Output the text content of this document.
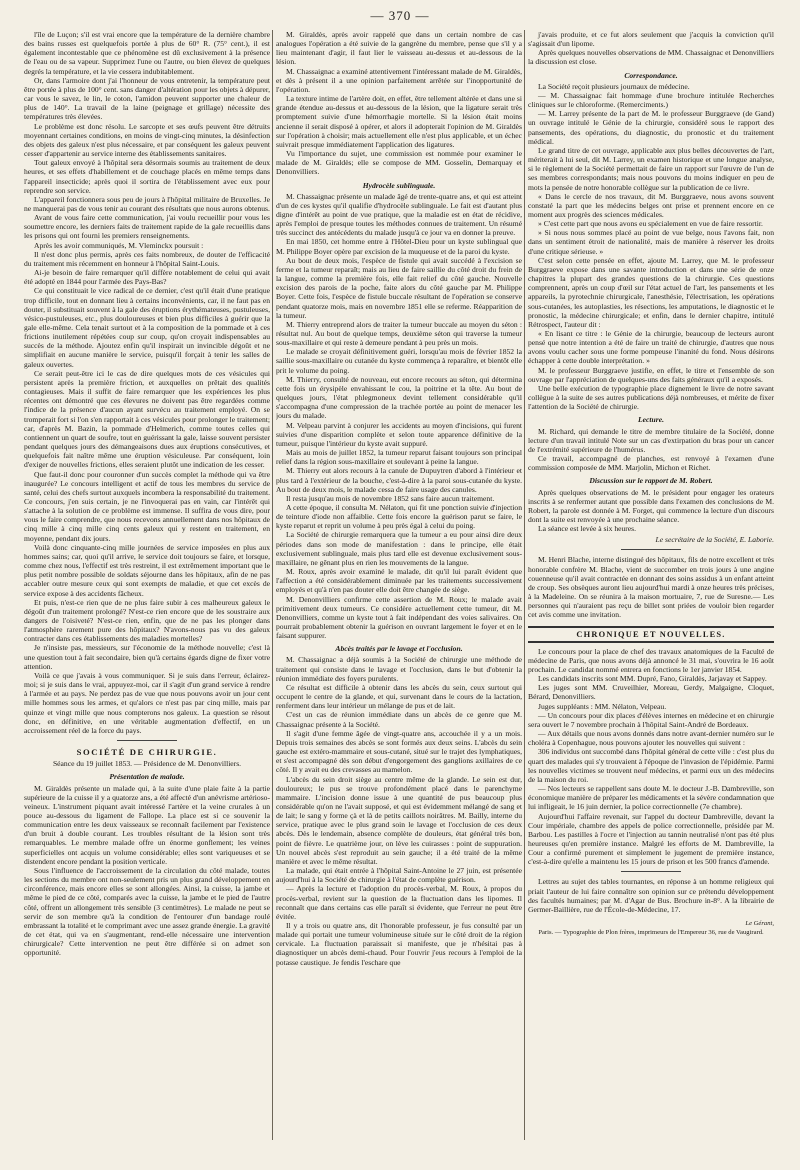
— 370 —

l'île de Luçon; s'il est vrai encore que la température de la dernière chambre des bains russes est quelquefois portée à plus de 60° R. (75° cent.), il est également incontestable que ce phénomène est dû exclusivement à la présence de l'eau ou de sa vapeur. Supprimez l'une ou l'autre, ou bien élevez de quelques degrés la température, et la vie cessera indubitablement.

Or, dans l'armoire dont j'ai l'honneur de vous entretenir, la température peut être portée à plus de 100° cent. sans danger d'altération pour les objets à dépurer, car vous le savez, le lin, le coton, l'amidon peuvent supporter une chaleur de plus de 140°. La travail de la laine (peignage et grillage) nécessite des températures très élevées.

Le problème est donc résolu. Le sarcopte et ses œufs peuvent être détruits moyennant certaines conditions, en moins de vingt-cinq minutes, la désinfection des objets des galeux n'est plus nécessaire, et par conséquent les galeux peuvent cesser d'appartenir au service interne des établissements sanitaires.

Tout galeux envoyé à l'hôpital sera désormais soumis au traitement de deux heures, et ses effets d'habillement et de couchage placés en même temps dans l'appareil insecticide; après quoi il sortira de l'établissement avec eux pour reprendre son service.

L'appareil fonctionnera sous peu de jours à l'hôpital militaire de Bruxelles. Je ne manquerai pas de vous tenir au courant des résultats que nous aurons obtenus.

Avant de vous faire cette communication, j'ai voulu recueillir pour vous les soumettre encore, les derniers faits de traitement rapide de la gale recueillis dans les prisons qui ont fourni les premiers renseignements.

Après les avoir communiqués, M. Vleminckx poursuit :

Il n'est donc plus permis, après ces faits nombreux, de douter de l'efficacité du traitement mis récemment en honneur à l'hôpital Saint-Louis.

Ai-je besoin de faire remarquer qu'il diffère notablement de celui qui avait été adopté en 1844 pour l'armée des Pays-Bas?

Ce qui constituait le vice radical de ce dernier, c'est qu'il était d'une pratique trop difficile, tout en donnant lieu à certains inconvénients, car, il ne faut pas en douter, il substituait souvent à la gale des éruptions érythémateuses, pustuleuses, vésico-pustuleuses, etc., plus douloureuses et bien plus difficiles à guérir que la gale elle-même. Cela tenait surtout et à la composition de la pommade et à ces frictions inutilement répétées coup sur coup, qu'on croyait indispensables au succès de la méthode. Ajoutez enfin qu'il inspirait un invincible dégoût et ne simplifiait en aucune manière le service, puisqu'il forçait à tenir les salles de galeux ouvertes.

Ce serait peut-être ici le cas de dire quelques mots de ces vésicules qui persistent après la première friction, et auxquelles on prêtait des qualités contagieuses. Mais il suffit de faire remarquer que les expériences les plus récentes ont démontré que ces élevures ne doivent pas être regardées comme l'indice de la présence d'aucun ayant survécu au traitement employé. On se tromperait fort si l'on s'en rapportait à ces vésicules pour prolonger le traitement; car, d'après M. Bazin, la pommade d'Helmerich, comme toutes celles qui contiennent un quart de soufre, tout en guérissant la gale, laisse souvent persister pendant quelques jours des démangeaisons dues aux éruptions consécutives, et quelquefois fait naître même une éruption vésiculeuse. Par conséquent, loin d'exiger de nouvelles frictions, elles seraient plutôt une indication de les cesser.

Que faut-il donc pour couronner d'un succès complet la méthode qui va être inaugurée? Le concours intelligent et actif de tous les membres du service de santé, celui des chefs surtout auxquels incombera la responsabilité du traitement. Ce concours, j'en suis certain, je ne l'invoquerai pas en vain, car l'intérêt qui s'attache à la solution de ce problème est immense. Il suffira de vous dire, pour vous le faire comprendre, que nous recevons annuellement dans nos hôpitaux de cinq mille à cinq mille cinq cents galeux qui y restent en traitement, en moyenne, pendant dix jours.

Voilà donc cinquante-cinq mille journées de service imposées en plus aux hommes sains; car, quoi qu'il arrive, le service doit toujours se faire, et lorsque, comme chez nous, l'effectif est très restreint, il est extrêmement important que le plus petit nombre possible de soldats séjourne dans les hôpitaux, afin de ne pas accabler outre mesure ceux qui sont exempts de maladie, et que cet excès de service expose à des accidents fâcheux.

Et puis, n'est-ce rien que de ne plus faire subir à ces malheureux galeux le dégoût d'un traitement prolongé? N'est-ce rien encore que de les soustraire aux dangers de l'oisiveté? N'est-ce rien, enfin, que de ne pas les plonger dans l'atmosphère rarement pure des hôpitaux? N'avons-nous pas vu des galeux contracter dans ces établissements des maladies mortelles?

Je n'insiste pas, messieurs, sur l'économie de la méthode nouvelle; c'est là une question tout à fait secondaire, bien qu'à certains égards digne de fixer votre attention.

Voilà ce que j'avais à vous communiquer. Si je suis dans l'erreur, éclairez-moi; si je suis dans le vrai, appuyez-moi, car il s'agit d'un grand service à rendre à l'armée et au pays. Ne perdez pas de vue que nous pouvons avoir un jour cent mille hommes sous les armes, et qu'alors ce n'est pas par cinq mille, mais par quinze et vingt mille que nous compterons nos galeux. La question se résout donc, en définitive, en une véritable augmentation d'effectif, en un accroissement réel de la force du pays.

SOCIÉTÉ DE CHIRURGIE.
Séance du 19 juillet 1853. — Présidence de M. Denonvilliers.
Présentation de malade.

M. Giraldès présente un malade qui, à la suite d'une plaie faite à la partie supérieure de la cuisse il y a quatorze ans, a été affecté d'un anévrisme artérioso-veineux. L'instrument piquant avait intéressé l'artère et la veine crurales à un pouce au-dessous du ligament de Fallope. La place est si ce souvenir la communication entre les deux vaisseaux se reconnaît facilement par l'existence d'un bruit à double courant. Les troubles résultant de la lésion sont très remarquables. Le membre malade offre un énorme gonflement; les veines superficielles ont acquis un volume considérable; elles sont variqueuses et se distendent encore pendant la position verticale.

Sous l'influence de l'accroissement de la circulation du côté malade, toutes les sections du membre ont non-seulement pris un plus grand développement en circonférence, mais encore elles se sont allongées. Ainsi, la cuisse, la jambe et même le pied de ce côté, comparés avec la cuisse, la jambe et le pied de l'autre côté, offrent un allongement très sensible (3 centimètres). Le malade ne peut se servir de son membre qu'à la condition de l'entourer d'un bandage roulé embrassant la totalité et le comprimant avec une assez grande énergie. La gravité de cet état, qui va en s'augmentant, rend-elle nécessaire une intervention chirurgicale? Cette intervention ne peut être différée si on admet son opportunité.

M. Giraldès, après avoir rappelé que dans un certain nombre de cas analogues l'opération a été suivie de la gangrène du membre, pense que s'il y a lieu maintenant d'agir, il faut lier le vaisseau au-dessus et au-dessous de la lésion.

M. Chassaignac a examiné attentivement l'intéressant malade de M. Giraldès, et dès à présent il a une opinion parfaitement arrêtée sur l'inopportunité de l'opération.

La texture intime de l'artère doit, en effet, être tellement altérée et dans une si grande étendue au-dessus et au-dessous de la lésion, que la ligature serait très promptement suivie d'une hémorrhagie mortelle. Si la lésion était moins ancienne il serait disposé à opérer, et alors il adopterait l'opinion de M. Giraldès sur l'opération à choisir; mais actuellement elle n'est plus applicable, et un échec suivrait presque immédiatement l'application des ligatures.

Vu l'importance du sujet, une commission est nommée pour examiner le malade de M. Giraldès; elle se compose de MM. Gosselin, Demarquay et Denonvilliers.

Hydrocèle sublinguale.

M. Chassaignac présente un malade âgé de trente-quatre ans, et qui est atteint d'un de ces kystes qu'il qualifie d'hydrocèle sublinguale. Le fait est d'autant plus digne d'intérêt au point de vue pratique, que la maladie est en état de récidive, après l'emploi de presque toutes les méthodes connues de traitement. Un résumé très succinct des antécédents du malade jusqu'à ce jour va en donner la preuve.

En mai 1850, cet homme entre à l'Hôtel-Dieu pour un kyste sublingual que M. Philippe Boyer opère par excision de la muqueuse et de la paroi du kyste.

Au bout de deux mois, l'espèce de fistule qui avait succédé à l'excision se ferme et la tumeur reparaît; mais au lieu de faire saillie du côté droit du frein de la langue, comme la première fois, elle fait relief du côté gauche. Nouvelle excision des parois de la poche, faite alors du côté gauche par M. Philippe Boyer. Cette fois, l'espèce de fistule buccale résultant de l'opération se conserve pendant quatorze mois, mais en novembre 1851 elle se referme. Réapparition de la tumeur.

M. Thierry entreprend alors de traiter la tumeur buccale au moyen du séton : résultat nul. Au bout de quelque temps, deuxième séton qui traverse la tumeur sous-maxillaire et qui reste à demeure pendant à peu près un mois.

Le malade se croyait définitivement guéri, lorsqu'au mois de février 1852 la saillie sous-maxillaire ou cutanée du kyste commença à reparaître, et bientôt elle prit le volume du poing.

M. Thierry, consulté de nouveau, eut encore recours au séton, qui détermina cette fois un érysipèle envahissant le cou, la poitrine et la tête. Au bout de quelques jours, l'état phlegmoneux devint tellement considérable qu'il s'accompagna d'une compression de la trachée portée au point de menacer les jours du malade.

M. Velpeau parvint à conjurer les accidents au moyen d'incisions, qui furent suivies d'une disparition complète et selon toute apparence définitive de la tumeur, puisque l'intérieur du kyste avait suppuré.

Mais au mois de juillet 1852, la tumeur reparut faisant toujours son principal relief dans la région sous-maxillaire et soulevant à peine la langue.

M. Thierry eut alors recours à la canule de Dupuytren d'abord à l'intérieur et plus tard à l'extérieur de la bouche, c'est-à-dire à la paroi sous-cutanée du kyste. Au bout de deux mois, le malade cessa de faire usage des canules.

Il resta jusqu'au mois de novembre 1852 sans faire aucun traitement.

A cette époque, il consulta M. Nélaton, qui fit une ponction suivie d'injection de teinture d'iode non affaiblie. Cette fois encore la guérison parut se faire, le kyste reparut et reprit un volume à peu près égal à celui du poing.

La Société de chirurgie remarquera que la tumeur a eu pour ainsi dire deux périodes dans son mode de manifestation : dans le principe, elle était exclusivement sublinguale, mais plus tard elle est devenue exclusivement sous-maxillaire, ne gênant plus en rien les mouvements de la langue.

M. Roux, après avoir examiné le malade, dit qu'il lui paraît évident que l'affection a été considérablement diminuée par les traitements successivement employés et qu'à n'en pas douter elle doit être changée de siège.

M. Denonvilliers confirme cette assertion de M. Roux; le malade avait primitivement deux tumeurs. Ce considère actuellement cette tumeur, dit M. Denonvilliers, comme un kyste tout à fait indépendant des voies salivaires. On pourrait probablement obtenir la guérison en ouvrant largement le foyer et en le faisant suppurer.

Abcès traités par le lavage et l'occlusion.

M. Chassaignac a déjà soumis à la Société de chirurgie une méthode de traitement qui consiste dans le lavage et l'occlusion, dans le but d'obtenir la réunion immédiate des foyers purulents.

Ce résultat est difficile à obtenir dans les abcès du sein, ceux surtout qui occupent le centre de la glande, et qui, survenant dans le cours de la lactation, renferment dans leur intérieur un mélange de pus et de lait.

C'est un cas de réunion immédiate dans un abcès de ce genre que M. Chassaignac présente à la Société.

Il s'agit d'une femme âgée de vingt-quatre ans, accouchée il y a un mois. Depuis trois semaines des abcès se sont formés aux deux seins. L'abcès du sein gauche est extéro-mammaire et sous-cutané, situé sur le trajet des lymphatiques, et s'est accompagné dès son début d'engorgement des ganglions axillaires de ce côté. Il y avait eu des crevasses au mamelon.

L'abcès du sein droit siège au centre même de la glande. Le sein est dur, douloureux; le pus se trouve profondément placé dans le parenchyme mammaire. L'incision donne issue à une quantité de pus beaucoup plus considérable qu'on ne l'avait supposé, et qui est évidemment mélangé de sang et de lait; le sang y forme çà et là de petits caillots noirâtres. M. Bailly, interne du service, pratique avec le plus grand soin le lavage et l'occlusion de ces deux abcès. Dès le lendemain, absence complète de douleurs, état général très bon, point de fièvre. Le quatrième jour, on lève les cuirasses : point de suppuration. Un nouvel abcès s'est reproduit au sein gauche; il a été traité de la même manière et avec le même résultat.

La malade, qui était entrée à l'hôpital Saint-Antoine le 27 juin, est présentée aujourd'hui à la Société de chirurgie à l'état de complète guérison.

— Après la lecture et l'adoption du procès-verbal, M. Roux, à propos du procès-verbal, revient sur la question de la fluctuation dans les lipomes. Il reconnaît que dans certains cas elle paraît si évidente, que l'erreur ne peut être évitée.

Il y a trois ou quatre ans, dit l'honorable professeur, je fus consulté par un malade qui portait une tumeur volumineuse située sur le côté droit de la région cervicale. La fluctuation paraissait si manifeste, que je n'hésitai pas à diagnostiquer un abcès demi-chaud. Pour l'ouvrir j'eus recours à l'emploi de la potasse caustique. Je fendis l'eschare que

j'avais produite, et ce fut alors seulement que j'acquis la conviction qu'il s'agissait d'un lipome.

Après quelques nouvelles observations de MM. Chassaignac et Denonvilliers la discussion est close.

Correspondance.

La Société reçoit plusieurs journaux de médecine.

— M. Chassaignac fait hommage d'une brochure intitulée Recherches cliniques sur le chloroforme. (Remerciments.)

— M. Larrey présente de la part de M. le professeur Burggraeve (de Gand) un ouvrage intitulé le Génie de la chirurgie, considéré sous le rapport des pansements, des opérations, du diagnostic, du pronostic et du traitement médical.

Le grand titre de cet ouvrage, applicable aux plus belles découvertes de l'art, mériterait à lui seul, dit M. Larrey, un examen historique et une longue analyse, si le règlement de la Société permettait de faire un rapport sur l'œuvre de l'un de ses membres correspondants; mais nous pouvons du moins indiquer en peu de mots la pensée de notre honorable collègue sur la publication de ce livre.

« Dans le cercle de nos travaux, dit M. Burggraeve, nous avons souvent constaté la part que les médecins belges ont prise et prennent encore en ce moment aux progrès des sciences médicales.

» C'est cette part que nous avons eu spécialement en vue de faire ressortir.

» Si nous nous sommes placé au point de vue belge, nous l'avons fait, non dans un sentiment étroit de nationalité, mais de manière à réserver les droits d'une critique sérieuse. »

C'est selon cette pensée en effet, ajoute M. Larrey, que M. le professeur Burggraeve expose dans une savante introduction et dans une série de onze chapitres la plupart des grandes questions de la chirurgie. Ces questions comprennent, après un coup d'œil sur l'état actuel de l'art, les pansements et les appareils, la pyrotechnie chirurgicale, l'anesthésie, l'électrisation, les opérations sous-cutanées, les autoplasties, les résections, les amputations, le diagnostic et le pronostic, la médecine chirurgicale; et enfin, dans le dernier chapitre, intitulé Rétrospect, l'auteur dit :

« En lisant ce titre : le Génie de la chirurgie, beaucoup de lecteurs auront pensé que notre intention a été de faire un traité de chirurgie, d'autres que nous avons voulu cacher sous une forme pompeuse l'inanité du fond. Nous désirons échapper à cette double interprétation. »

M. le professeur Burggraeve justifie, en effet, le titre et l'ensemble de son ouvrage par l'appréciation de quelques-uns des faits généraux qu'il a exposés.

Une belle exécution de typographie place dignement le livre de notre savant collègue à la suite de ses autres publications déjà nombreuses, et mérite de fixer l'attention de la Société de chirurgie.

Lecture.

M. Richard, qui demande le titre de membre titulaire de la Société, donne lecture d'un travail intitulé Note sur un cas d'extirpation du bras pour un cancer de l'extrémité supérieure de l'humérus.

Ce travail, accompagné de planches, est renvoyé à l'examen d'une commission composée de MM. Marjolin, Michon et Richet.

Discussion sur le rapport de M. Robert.

Après quelques observations de M. le président pour engager les orateurs inscrits à se renfermer autant que possible dans l'examen des conclusions de M. Robert, la parole est donnée à M. Forget, qui commence la lecture d'un discours dont la suite est renvoyée à une prochaine séance.

La séance est levée à six heures.

Le secrétaire de la Société, E. Laborie.

M. Henri Blache, interne distingué des hôpitaux, fils de notre excellent et très honorable confrère M. Blache, vient de succomber en trois jours à une angine couenneuse qu'il avait contractée en donnant des soins assidus à un enfant atteint de croup. Ses obsèques auront lieu aujourd'hui mardi à onze heures très précises, à la Madeleine. On se réunira à la maison mortuaire, 7, rue de Suresne.— Les personnes qui n'auraient pas reçu de billet sont priées de vouloir bien regarder cet avis comme une invitation.

CHRONIQUE ET NOUVELLES.

Le concours pour la place de chef des travaux anatomiques de la Faculté de médecine de Paris, que nous avons déjà annoncé le 31 mai, s'ouvrira le 16 août prochain. Le candidat nommé entrera en fonctions le 1er janvier 1854.

Les candidats inscrits sont MM. Dupré, Fano, Giraldès, Jarjavay et Sappey.

Les juges sont MM. Cruveilhier, Moreau, Gerdy, Malgaigne, Cloquet, Bérard, Denonvilliers.

Juges suppléants : MM. Nélaton, Velpeau.

— Un concours pour dix places d'élèves internes en médecine et en chirurgie sera ouvert le 7 novembre prochain à l'hôpital Saint-André de Bordeaux.

— Aux détails que nous avons donnés dans notre avant-dernier numéro sur le choléra à Copenhague, nous pouvons ajouter les nouvelles qui suivent :

306 individus ont succombé dans l'hôpital général de cette ville : c'est plus du quart des malades qui s'y trouvaient à l'époque de l'invasion de l'épidémie. Parmi les nouvelles victimes se trouvent neuf médecins, et parmi eux un des médecins de la maison du roi.

— Nos lecteurs se rappellent sans doute M. le docteur J.-B. Dambreville, son économique manière de préparer les médicaments et la sévère condamnation que lui infligeait, le 16 juin dernier, la police correctionnelle (7e chambre).

Aujourd'hui l'affaire revenait, sur l'appel du docteur Dambreville, devant la Cour impériale, chambre des appels de police correctionnelle, présidée par M. Barbou. Les pastilles à l'ocre et l'injection au tannin neutralisé n'ont pas été plus heureuses qu'en première instance. Malgré les efforts de M. Dambreville, la Cour a confirmé purement et simplement le jugement de première instance, c'est-à-dire qu'elle a maintenu les 15 jours de prison et les 500 francs d'amende.

Lettres au sujet des tables tournantes, en réponse à un homme religieux qui priait l'auteur de lui faire connaître son opinion sur ce prétendu développement des facultés humaines; par M. d'Agar de Bus. Brochure in-8°. A la librairie de Germer-Baillière, rue de l'École-de-Médecine, 17.

Le Gérant,
Paris. — Typographie de Plon frères, imprimeurs de l'Empereur 36, rue de Vaugirard.
